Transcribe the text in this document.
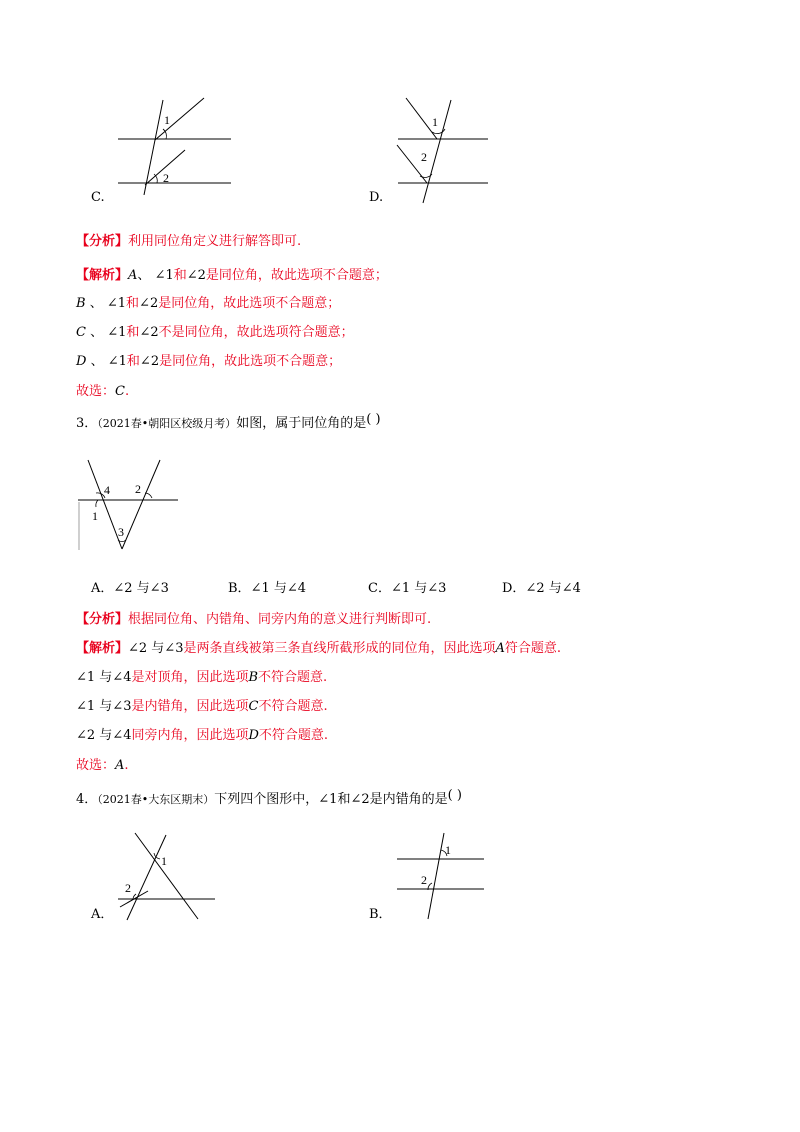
1
2
C.
1
2
D.
【分析】利用同位角定义进行解答即可.
【解析】A、 ∠1和∠2是同位角，故此选项不合题意；
B 、 ∠1和∠2是同位角，故此选项不合题意；
C 、 ∠1和∠2不是同位角，故此选项符合题意；
D 、 ∠1和∠2是同位角，故此选项不合题意；
故选：C.
3．（2021春•朝阳区校级月考）如图，属于同位角的是( )
1
2
3
4
A．∠2 与∠3	B．∠1 与∠4	C．∠1 与∠3	D．∠2 与∠4
【分析】根据同位角、内错角、同旁内角的意义进行判断即可.
【解析】∠2 与∠3是两条直线被第三条直线所截形成的同位角，因此选项A符合题意.
∠1 与∠4是对顶角，因此选项B不符合题意.
∠1 与∠3是内错角，因此选项C不符合题意.
∠2 与∠4同旁内角，因此选项D不符合题意.
故选：A.
4．（2021春•大东区期末）下列四个图形中，∠1和∠2是内错角的是( )
1
2
A．
1
2
B．
